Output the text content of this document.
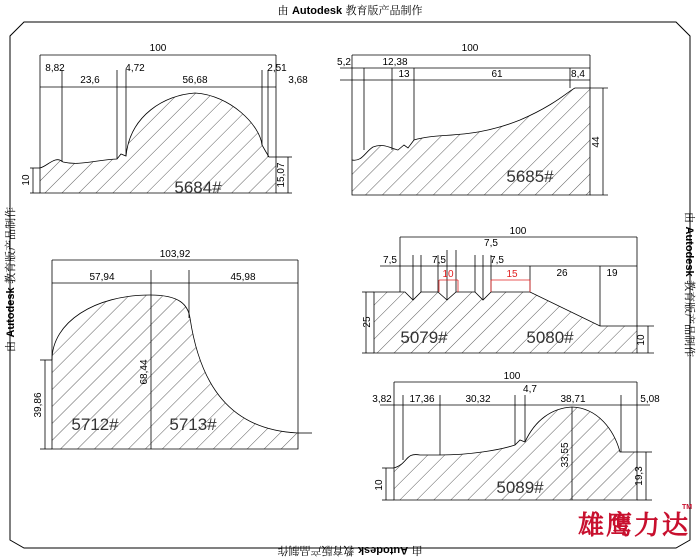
由 Autodesk 教育版产品制作
由 Autodesk 教育版产品制作
由 Autodesk 教育版产品制作	由 Autodesk 教育版产品制作
100
8,82
23,6
4,72
56,68
2,51
3,68
10	15,07
5684#
100
5,2	12,38
13	61	8,4
44
5685#
103,92
57,94	45,98
68,44
39,86
5712#	5713#
100
7,5	7,5
7,5
7,5
10	15	26	19
25
10
5079#	5080#
100
3,82 17,36	30,32
4,7
38,71	5,08
33,55
10	19,3
5089#
雄鹰力达
TM
